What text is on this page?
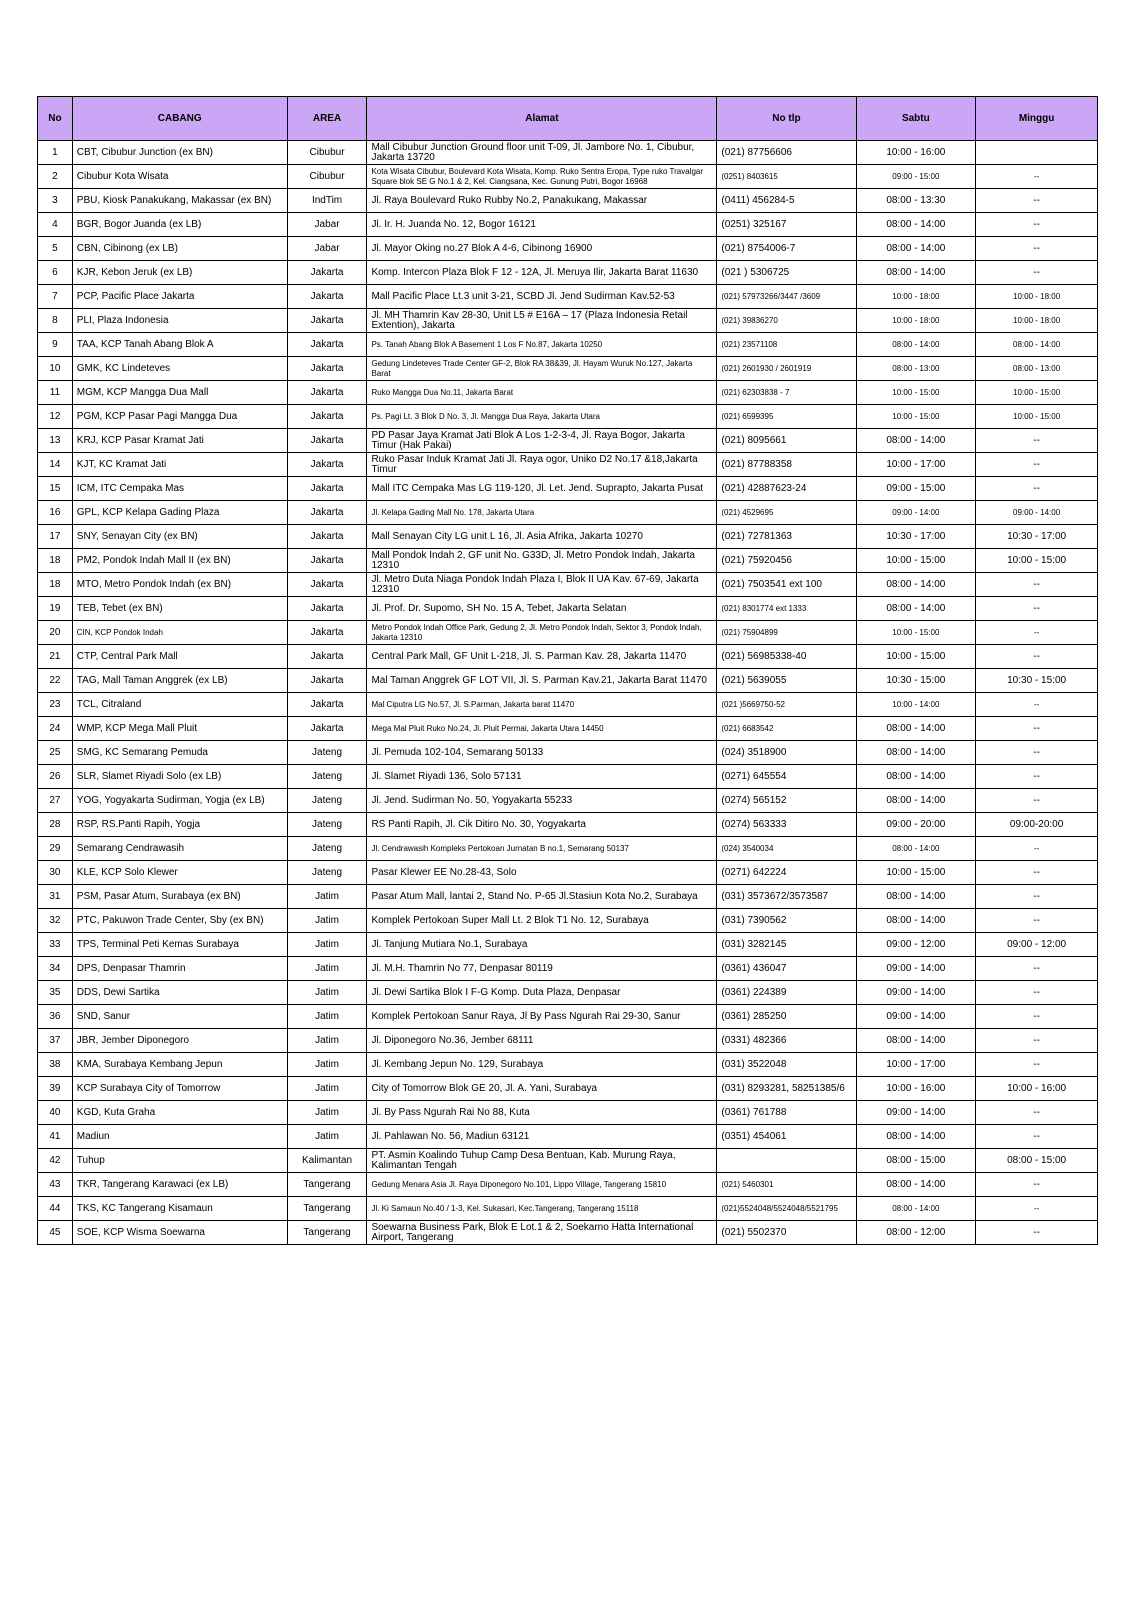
No	CABANG	AREA	Alamat	No tlp	Sabtu	Minggu
1	CBT, Cibubur Junction (ex BN)	Cibubur	Mall Cibubur Junction Ground floor unit T-09, Jl. Jambore No. 1, Cibubur, Jakarta 13720	(021) 87756606	10:00 - 16:00	
2	Cibubur Kota Wisata	Cibubur	Kota Wisata Cibubur, Boulevard Kota Wisata, Komp. Ruko Sentra Eropa, Type ruko Travalgar Square blok SE G No.1 & 2, Kel. Ciangsana, Kec. Gunung Putri, Bogor 16968	(0251) 8403615	09:00 - 15:00	--
3	PBU, Kiosk Panakukang, Makassar (ex BN)	IndTim	Jl. Raya Boulevard Ruko Rubby No.2, Panakukang, Makassar	(0411) 456284-5	08:00 - 13:30	--
4	BGR, Bogor Juanda (ex LB)	Jabar	Jl. Ir. H. Juanda No. 12, Bogor 16121	(0251) 325167	08:00 - 14:00	--
5	CBN, Cibinong (ex LB)	Jabar	Jl. Mayor Oking no.27 Blok A 4-6, Cibinong 16900	(021) 8754006-7	08:00 - 14:00	--
6	KJR, Kebon Jeruk (ex LB)	Jakarta	Komp. Intercon Plaza Blok F 12 - 12A, Jl. Meruya Ilir, Jakarta Barat 11630	(021 ) 5306725	08:00 - 14:00	--
7	PCP, Pacific Place Jakarta	Jakarta	Mall Pacific Place Lt.3 unit 3-21, SCBD Jl. Jend Sudirman Kav.52-53	(021) 57973266/3447 /3609	10:00 - 18:00	10:00 - 18:00
8	PLI, Plaza Indonesia	Jakarta	Jl. MH Thamrin Kav 28-30, Unit L5 # E16A – 17 (Plaza Indonesia Retail Extention), Jakarta	(021) 39836270	10:00 - 18:00	10:00 - 18:00
9	TAA, KCP Tanah Abang Blok A	Jakarta	Ps. Tanah Abang Blok A Basement 1 Los F No.87, Jakarta 10250	(021) 23571108	08:00 - 14:00	08:00 - 14:00
10	GMK, KC Lindeteves	Jakarta	Gedung Lindeteves Trade Center GF-2, Blok RA 38&39, Jl. Hayam Wuruk No.127, Jakarta Barat	(021) 2601930 / 2601919	08:00 - 13:00	08:00 - 13:00
11	MGM, KCP Mangga Dua Mall	Jakarta	Ruko Mangga Dua No.11, Jakarta Barat	(021) 62303838 - 7	10:00 - 15:00	10:00 - 15:00
12	PGM, KCP Pasar Pagi Mangga Dua	Jakarta	Ps. Pagi Lt. 3 Blok D No. 3, Jl. Mangga Dua Raya, Jakarta Utara	(021) 6599395	10:00 - 15:00	10:00 - 15:00
13	KRJ, KCP Pasar Kramat Jati	Jakarta	PD Pasar Jaya Kramat Jati Blok A Los 1-2-3-4, Jl. Raya Bogor, Jakarta Timur (Hak Pakai)	(021) 8095661	08:00 - 14:00	--
14	KJT, KC Kramat Jati	Jakarta	Ruko Pasar Induk Kramat Jati Jl. Raya ogor, Uniko D2 No.17 &18,Jakarta Timur	(021) 87788358	10:00 - 17:00	--
15	ICM, ITC Cempaka Mas	Jakarta	Mall ITC Cempaka Mas LG 119-120, Jl. Let. Jend. Suprapto, Jakarta Pusat	(021) 42887623-24	09:00 - 15:00	--
16	GPL, KCP Kelapa Gading Plaza	Jakarta	Jl. Kelapa Gading Mall No. 178, Jakarta Utara	(021) 4529695	09:00 - 14:00	09:00 - 14:00
17	SNY, Senayan City (ex BN)	Jakarta	Mall Senayan City LG unit L 16, Jl. Asia Afrika, Jakarta 10270	(021) 72781363	10:30 - 17:00	10:30 - 17:00
18	PM2, Pondok Indah Mall II (ex BN)	Jakarta	Mall Pondok Indah 2, GF unit No. G33D, Jl. Metro Pondok Indah, Jakarta 12310	(021) 75920456	10:00 - 15:00	10:00 - 15:00
18	MTO, Metro Pondok Indah (ex BN)	Jakarta	Jl. Metro Duta Niaga Pondok Indah Plaza I, Blok II UA Kav. 67-69, Jakarta 12310	(021) 7503541 ext 100	08:00 - 14:00	--
19	TEB, Tebet (ex BN)	Jakarta	Jl. Prof. Dr. Supomo, SH No. 15 A, Tebet, Jakarta Selatan	(021) 8301774 ext 1333	08:00 - 14:00	--
20	CIN, KCP Pondok Indah	Jakarta	Metro Pondok Indah Office Park, Gedung 2, Jl. Metro Pondok Indah, Sektor 3, Pondok Indah, Jakarta 12310	(021) 75904899	10:00 - 15:00	--
21	CTP, Central Park Mall	Jakarta	Central Park Mall, GF Unit L-218, Jl. S. Parman Kav. 28, Jakarta 11470	(021) 56985338-40	10:00 - 15:00	--
22	TAG, Mall Taman Anggrek (ex LB)	Jakarta	Mal Taman Anggrek GF LOT VII, Jl. S. Parman Kav.21, Jakarta Barat 11470	(021) 5639055	10:30 - 15:00	10:30 - 15:00
23	TCL, Citraland	Jakarta	Mal Ciputra LG No.57, Jl. S.Parman, Jakarta barat 11470	(021 )5669750-52	10:00 - 14:00	--
24	WMP, KCP Mega Mall Pluit	Jakarta	Mega Mal Pluit Ruko No.24, Jl. Pluit Permai, Jakarta Utara 14450	(021) 6683542	08:00 - 14:00	--
25	SMG, KC Semarang Pemuda	Jateng	Jl. Pemuda 102-104, Semarang 50133	(024) 3518900	08:00 - 14:00	--
26	SLR, Slamet Riyadi Solo (ex LB)	Jateng	Jl. Slamet Riyadi 136, Solo 57131	(0271) 645554	08:00 - 14:00	--
27	YOG, Yogyakarta Sudirman, Yogja (ex LB)	Jateng	Jl. Jend. Sudirman No. 50, Yogyakarta 55233	(0274) 565152	08:00 - 14:00	--
28	RSP, RS.Panti Rapih, Yogja	Jateng	RS Panti Rapih, Jl. Cik Ditiro No. 30, Yogyakarta	(0274) 563333	09:00 - 20:00	09:00-20:00
29	Semarang Cendrawasih	Jateng	Jl. Cendrawasih Kompleks Pertokoan Jurnatan B no.1, Semarang 50137	(024) 3540034	08:00 - 14:00	--
30	KLE, KCP Solo Klewer	Jateng	Pasar Klewer EE No.28-43, Solo	(0271) 642224	10:00 - 15:00	--
31	PSM, Pasar Atum, Surabaya (ex BN)	Jatim	Pasar Atum Mall, lantai 2, Stand No. P-65 Jl.Stasiun Kota No.2, Surabaya	(031) 3573672/3573587	08:00 - 14:00	--
32	PTC, Pakuwon Trade Center, Sby (ex BN)	Jatim	Komplek Pertokoan Super Mall Lt. 2 Blok T1 No. 12, Surabaya	(031) 7390562	08:00 - 14:00	--
33	TPS, Terminal Peti Kemas Surabaya	Jatim	Jl. Tanjung Mutiara No.1, Surabaya	(031) 3282145	09:00 - 12:00	09:00 - 12:00
34	DPS, Denpasar Thamrin	Jatim	Jl. M.H. Thamrin No 77, Denpasar 80119	(0361) 436047	09:00 - 14:00	--
35	DDS, Dewi Sartika	Jatim	Jl. Dewi Sartika Blok I F-G Komp. Duta Plaza, Denpasar	(0361) 224389	09:00 - 14:00	--
36	SND, Sanur	Jatim	Komplek Pertokoan Sanur Raya, Jl By Pass Ngurah Rai 29-30, Sanur	(0361) 285250	09:00 - 14:00	--
37	JBR, Jember Diponegoro	Jatim	Jl. Diponegoro No.36, Jember 68111	(0331) 482366	08:00 - 14:00	--
38	KMA, Surabaya Kembang Jepun	Jatim	Jl. Kembang Jepun No. 129, Surabaya	(031) 3522048	10:00 - 17:00	--
39	KCP Surabaya City of Tomorrow	Jatim	City of Tomorrow Blok GE 20, Jl. A. Yani, Surabaya	(031) 8293281, 58251385/6	10:00 - 16:00	10:00 - 16:00
40	KGD, Kuta Graha	Jatim	Jl. By Pass Ngurah Rai No 88, Kuta	(0361) 761788	09:00 - 14:00	--
41	Madiun	Jatim	Jl. Pahlawan No. 56, Madiun 63121	(0351) 454061	08:00 - 14:00	--
42	Tuhup	Kalimantan	PT. Asmin Koalindo Tuhup Camp Desa Bentuan, Kab. Murung Raya, Kalimantan Tengah		08:00 - 15:00	08:00 - 15:00
43	TKR, Tangerang Karawaci (ex LB)	Tangerang	Gedung Menara Asia Jl. Raya Diponegoro No.101, Lippo Village, Tangerang 15810	(021) 5460301	08:00 - 14:00	--
44	TKS, KC Tangerang Kisamaun	Tangerang	Jl. Ki Samaun No.40 / 1-3, Kel. Sukasari, Kec.Tangerang, Tangerang 15118	(021)5524048/5524048/5521795	08:00 - 14:00	--
45	SOE, KCP Wisma Soewarna	Tangerang	Soewarna Business Park, Blok E Lot.1 & 2, Soekarno Hatta International Airport, Tangerang	(021) 5502370	08:00 - 12:00	--
